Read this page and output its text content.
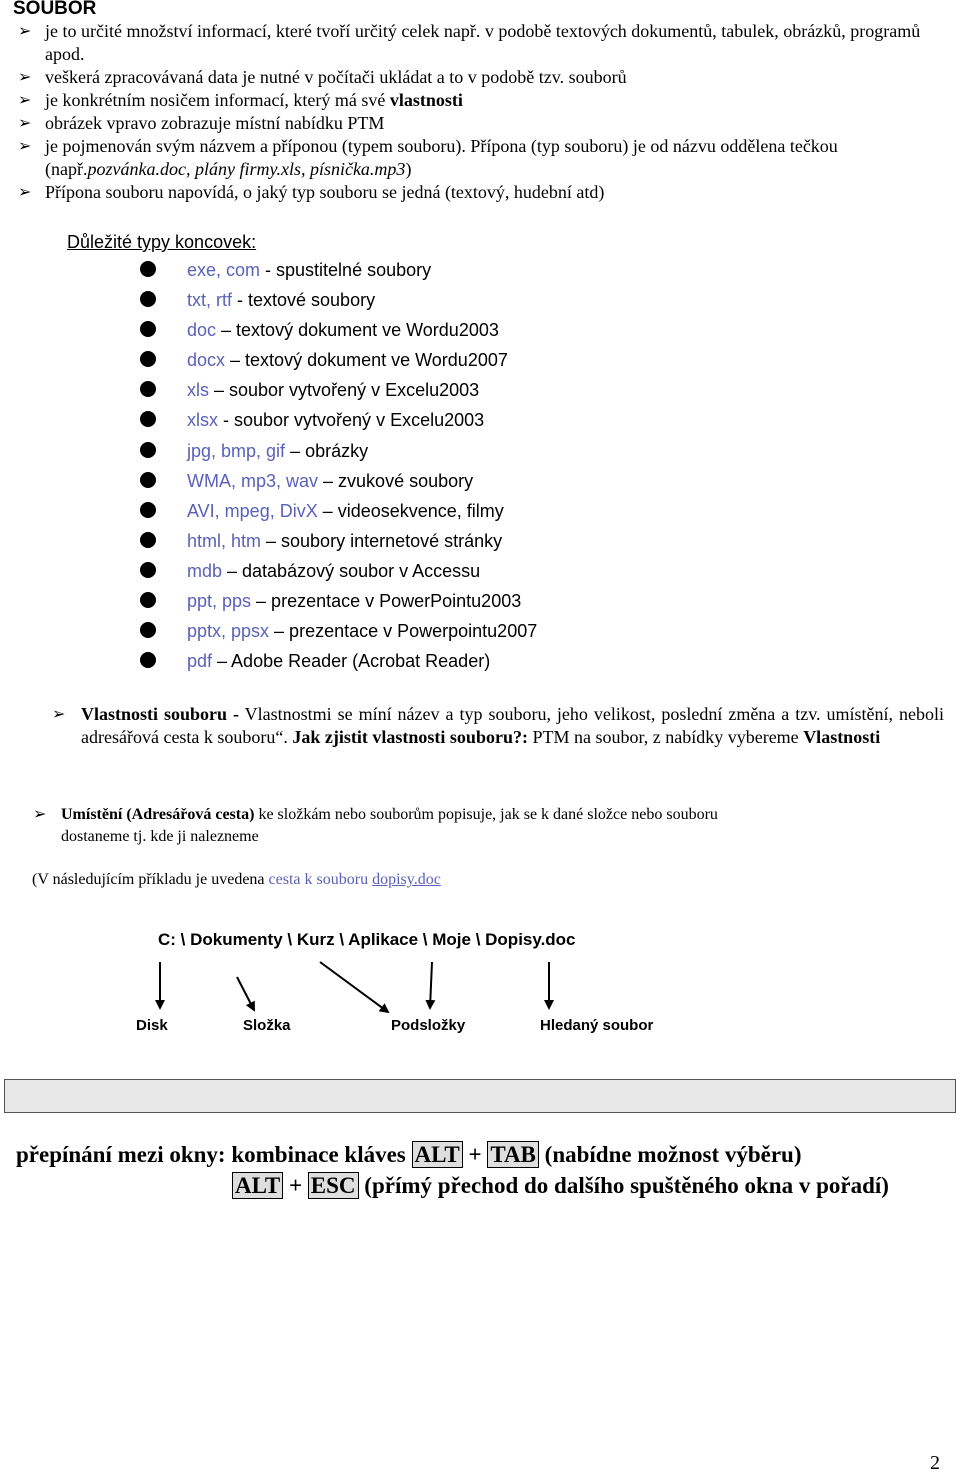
SOUBOR
➢ je to určité množství informací, které tvoří určitý celek např. v podobě textových dokumentů, tabulek, obrázků, programů apod.
➢ veškerá zpracovávaná data je nutné v počítači ukládat a to v podobě tzv. souborů
➢ je konkrétním nosičem informací, který má své vlastnosti
➢ obrázek vpravo zobrazuje místní nabídku PTM
➢ je pojmenován svým názvem a příponou (typem souboru). Přípona (typ souboru) je od názvu oddělena tečkou (např.pozvánka.doc, plány firmy.xls, písnička.mp3)
➢ Přípona souboru napovídá, o jaký typ souboru se jedná (textový, hudební atd)
Důležité typy koncovek:
exe, com - spustitelné soubory
txt, rtf - textové soubory
doc – textový dokument ve Wordu2003
docx – textový dokument ve Wordu2007
xls – soubor vytvořený v Excelu2003
xlsx - soubor vytvořený v Excelu2003
jpg, bmp, gif – obrázky
WMA, mp3, wav – zvukové soubory
AVI, mpeg, DivX – videosekvence, filmy
html, htm – soubory internetové stránky
mdb – databázový soubor v Accessu
ppt, pps – prezentace v PowerPointu2003
pptx, ppsx – prezentace v Powerpointu2007
pdf – Adobe Reader (Acrobat Reader)
➢ Vlastnosti souboru - Vlastnostmi se míní název a typ souboru, jeho velikost, poslední změna a tzv. umístění, neboli adresářová cesta k souboru“. Jak zjistit vlastnosti souboru?: PTM na soubor, z nabídky vybereme Vlastnosti
➢ Umístění (Adresářová cesta) ke složkám nebo souborům popisuje, jak se k dané složce nebo souboru dostaneme tj. kde ji nalezneme
(V následujícím příkladu je uvedena cesta k souboru dopisy.doc
C: \ Dokumenty \ Kurz \ Aplikace \ Moje \ Dopisy.doc
Disk	Složka	Podsložky	Hledaný soubor
přepínání mezi okny: kombinace kláves ALT + TAB (nabídne možnost výběru)
ALT + ESC (přímý přechod do dalšího spuštěného okna v pořadí)
2
